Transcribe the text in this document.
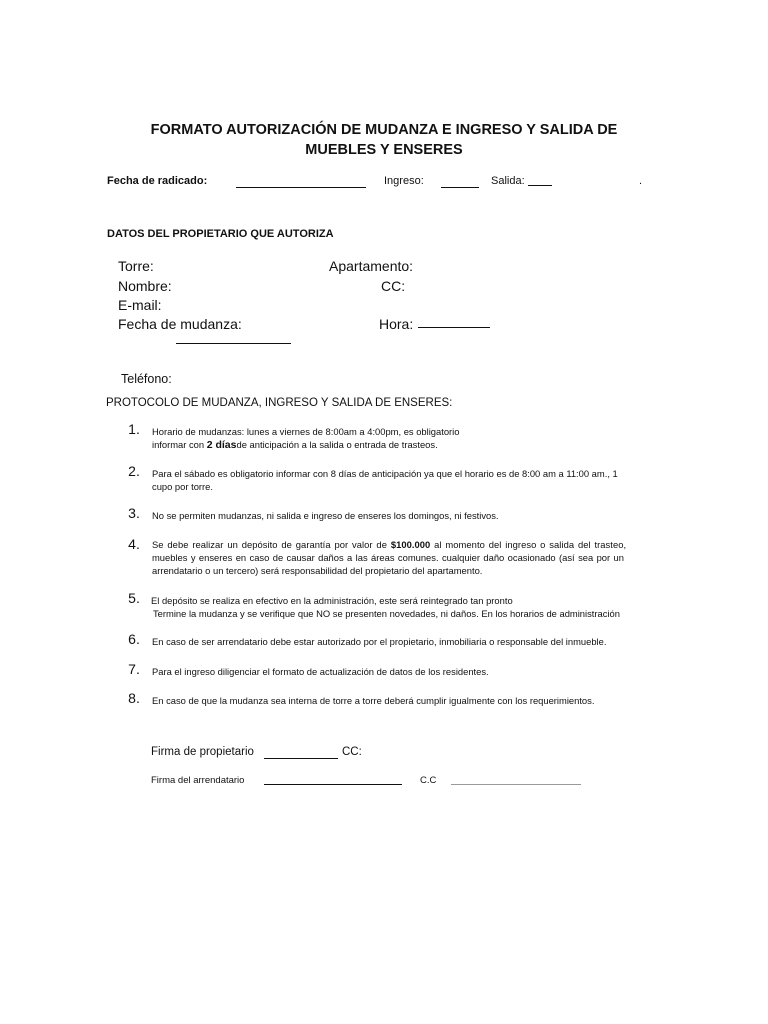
FORMATO AUTORIZACIÓN DE MUDANZA E INGRESO Y SALIDA DE
MUEBLES Y ENSERES
Fecha de radicado:	Ingreso:	Salida:	.
DATOS DEL PROPIETARIO QUE AUTORIZA
Torre:	Apartamento:
Nombre:	CC:
E-mail:
Fecha de mudanza:	Hora:
Teléfono:
PROTOCOLO DE MUDANZA, INGRESO Y SALIDA DE ENSERES:
1. Horario de mudanzas: lunes a viernes de 8:00am a 4:00pm, es obligatorio
informar con 2 díasde anticipación a la salida o entrada de trasteos.
2. Para el sábado es obligatorio informar con 8 días de anticipación ya que el horario es de 8:00 am a 11:00 am., 1
cupo por torre.
3. No se permiten mudanzas, ni salida e ingreso de enseres los domingos, ni festivos.
4. Se debe realizar un depósito de garantía por valor de $100.000 al momento del ingreso o salida del trasteo,
muebles y enseres en caso de causar daños a las áreas comunes. cualquier daño ocasionado (así sea por un
arrendatario o un tercero) será responsabilidad del propietario del apartamento.
5. El depósito se realiza en efectivo en la administración, este será reintegrado tan pronto
Termine la mudanza y se verifique que NO se presenten novedades, ni daños. En los horarios de administración
6. En caso de ser arrendatario debe estar autorizado por el propietario, inmobiliaria o responsable del inmueble.
7. Para el ingreso diligenciar el formato de actualización de datos de los residentes.
8. En caso de que la mudanza sea interna de torre a torre deberá cumplir igualmente con los requerimientos.
Firma de propietario	CC:
Firma del arrendatario	C.C
